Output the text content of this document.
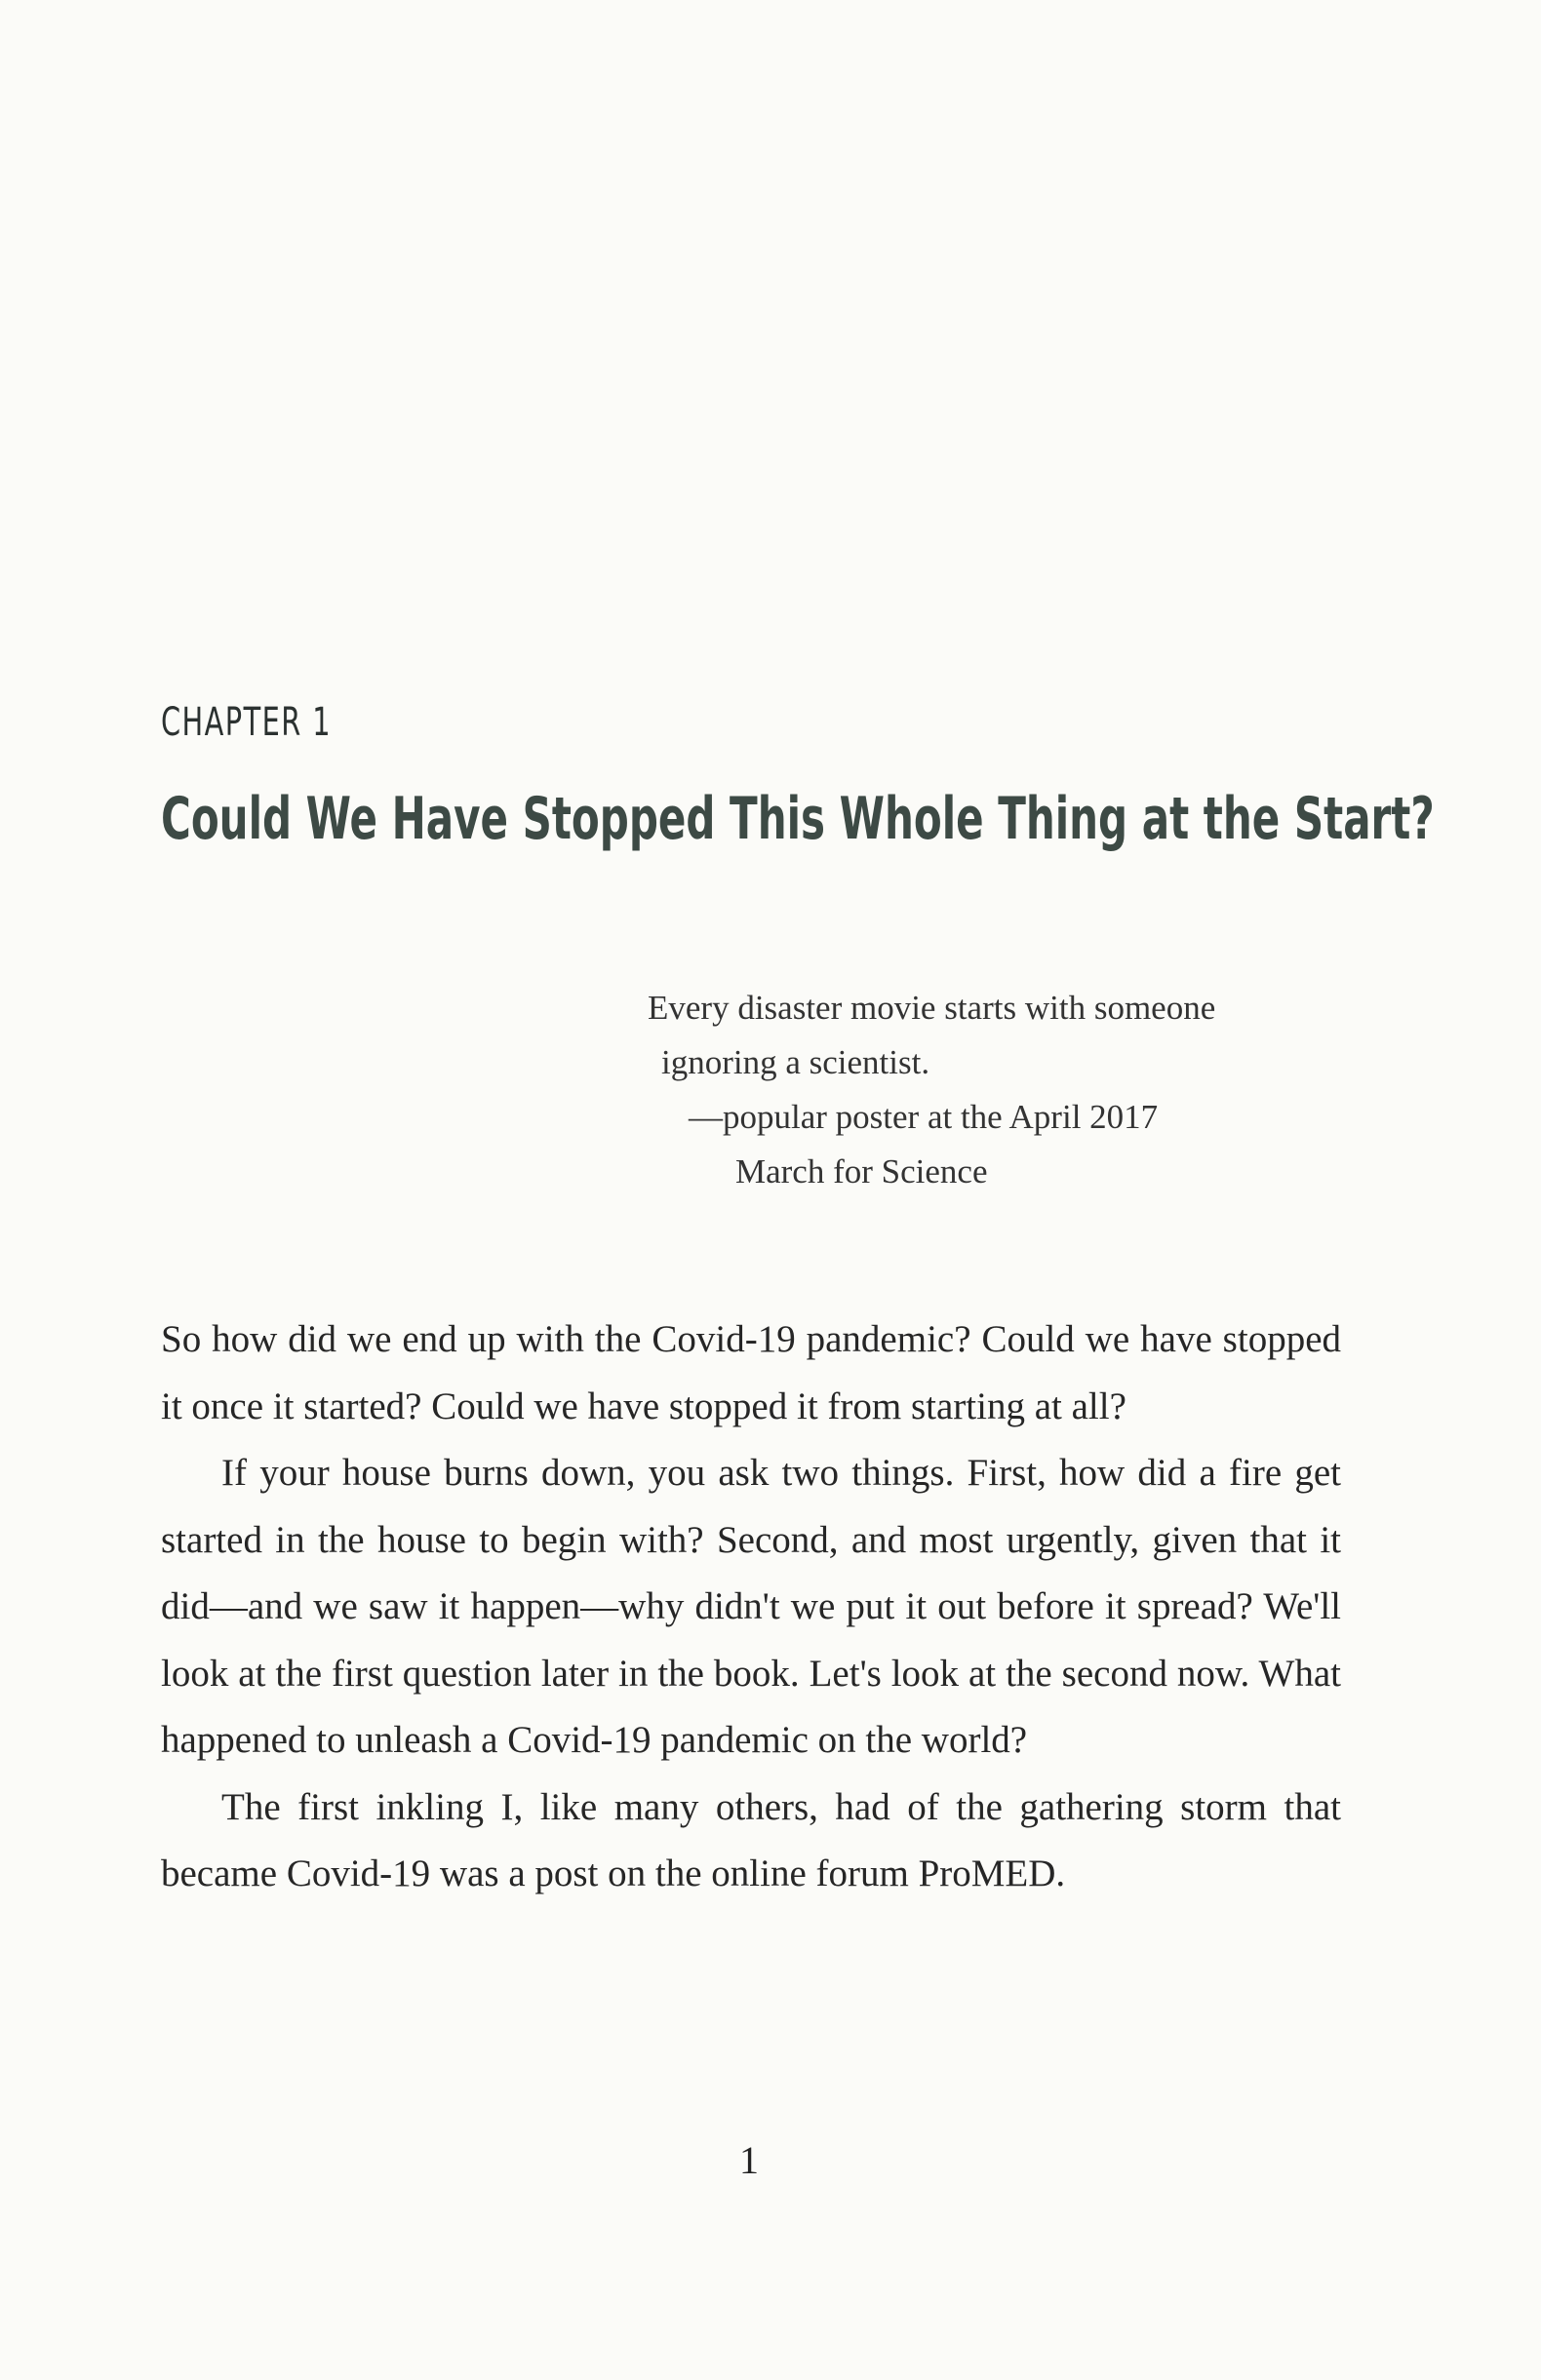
CHAPTER 1
Could We Have Stopped This Whole Thing at the Start?
Every disaster movie starts with someone
ignoring a scientist.
—popular poster at the April 2017
March for Science

So how did we end up with the Covid-19 pandemic? Could we have stopped it once it started? Could we have stopped it from starting at all?

If your house burns down, you ask two things. First, how did a fire get started in the house to begin with? Second, and most urgently, given that it did—and we saw it happen—why didn't we put it out before it spread? We'll look at the first question later in the book. Let's look at the second now. What happened to unleash a Covid-19 pandemic on the world?

The first inkling I, like many others, had of the gathering storm that became Covid-19 was a post on the online forum ProMED.

1
